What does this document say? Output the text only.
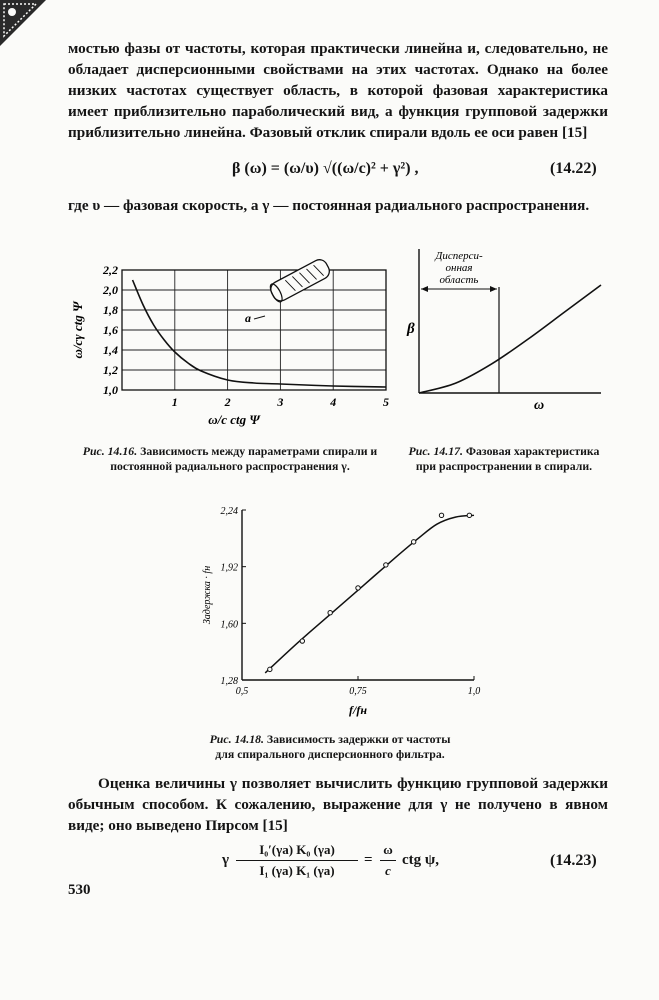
мостью фазы от частоты, которая практически линейна и, следовательно, не обладает дисперсионными свойствами на этих частотах. Однако на более низких частотах существует область, в которой фазовая характеристика имеет приблизительно параболический вид, а функция групповой задержки приблизительно линейна. Фазовый отклик спирали вдоль ее оси равен [15]
β (ω) = (ω/υ) √((ω/c)² + γ²) ,	(14.22)
где υ — фазовая скорость, а γ — постоянная радиального распространения.
1	2	3	4	5
2,2
2,0
1,8
1,6
1,4
1,2
1,0
ω/c ctg Ψ
ω/cγ ctg Ψ	a
Рис. 14.16. Зависимость между параметрами спирали и постоянной радиального распространения γ.
Дисперси-
онная
область
β
ω
Рис. 14.17. Фазовая характеристика при распространении в спирали.
0,5	0,75	1,0
2,24
1,92
1,60
1,28
f/fн
Задержка · fн
Рис. 14.18. Зависимость задержки от частоты
для спирального дисперсионного фильтра.
Оценка величины γ позволяет вычислить функцию групповой задержки обычным способом. К сожалению, выражение для γ не получено в явном виде; оно выведено Пирсом [15]
γ $\frac{\text{I₀′(γa) K₀ (γa)}}{\text{I₁ (γa) K₁ (γa)}} = \frac{\omega}{c}$ ctg ψ,	(14.23)
530
